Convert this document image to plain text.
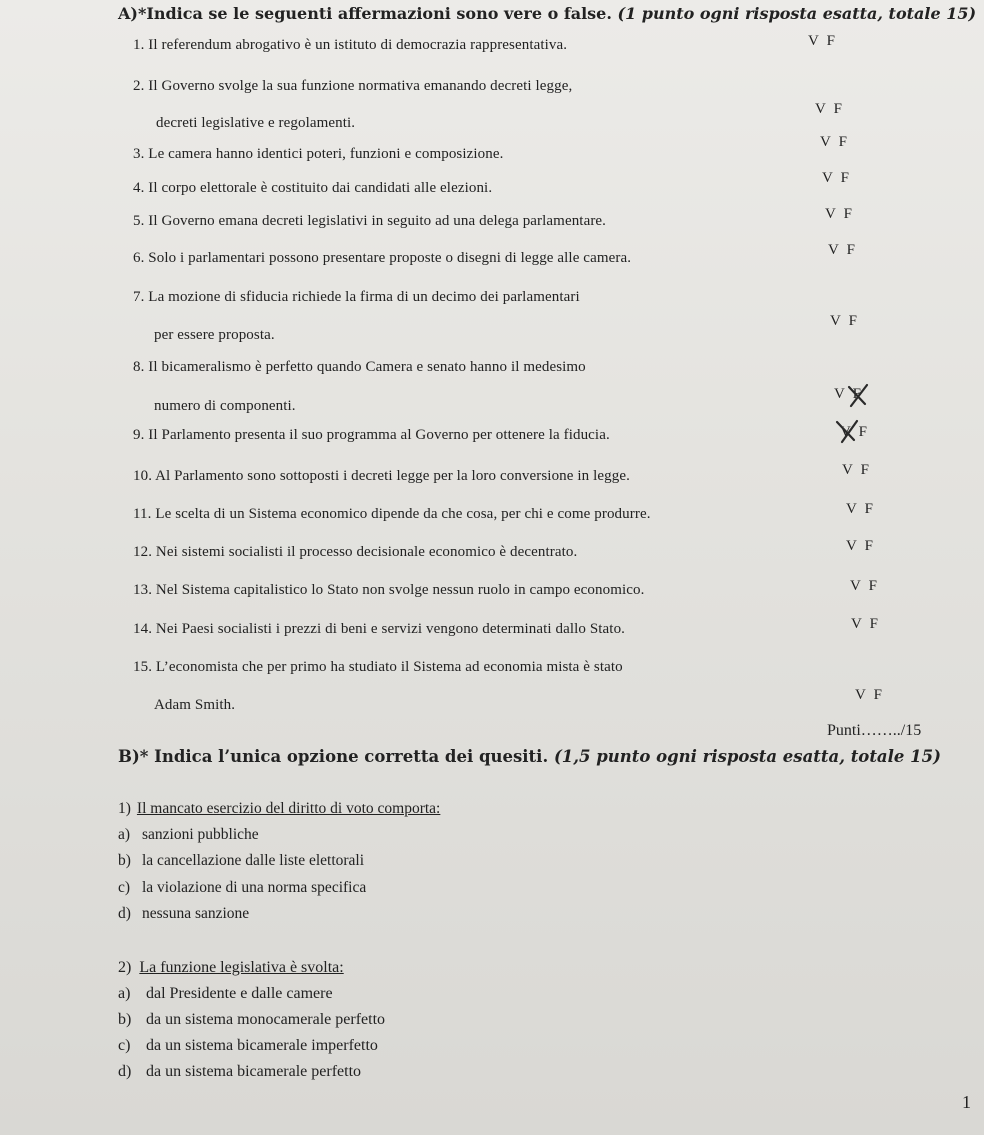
A)*Indica se le seguenti affermazioni sono vere o false. (1 punto ogni risposta esatta, totale 15)
1. Il referendum abrogativo è un istituto di democrazia rappresentativa.	V F
2. Il Governo svolge la sua funzione normativa emanando decreti legge,
decreti legislative e regolamenti.
V F
3. Le camera hanno identici poteri, funzioni e composizione.
V F
4. Il corpo elettorale è costituito dai candidati alle elezioni.
V F
5. Il Governo emana decreti legislativi in seguito ad una delega parlamentare.	V F
6. Solo i parlamentari possono presentare proposte o disegni di legge alle camera.	V F
7. La mozione di sfiducia richiede la firma di un decimo dei parlamentari
per essere proposta.
V F
8. Il bicameralismo è perfetto quando Camera e senato hanno il medesimo
numero di componenti.
V F
9. Il Parlamento presenta il suo programma al Governo per ottenere la fiducia.	V F
10. Al Parlamento sono sottoposti i decreti legge per la loro conversione in legge.	V F
11. Le scelta di un Sistema economico dipende da che cosa, per chi e come produrre.	V F
12. Nei sistemi socialisti il processo decisionale economico è decentrato.	V F
13. Nel Sistema capitalistico lo Stato non svolge nessun ruolo in campo economico.	V F
14. Nei Paesi socialisti i prezzi di beni e servizi vengono determinati dallo Stato.	V F
15. L’economista che per primo ha studiato il Sistema ad economia mista è stato
Adam Smith.
V F
Punti……../15
B)* Indica l’unica opzione corretta dei quesiti. (1,5 punto ogni risposta esatta, totale 15)
1) Il mancato esercizio del diritto di voto comporta:
a) sanzioni pubbliche
b) la cancellazione dalle liste elettorali
c) la violazione di una norma specifica
d) nessuna sanzione
2) La funzione legislativa è svolta:
a) dal Presidente e dalle camere
b) da un sistema monocamerale perfetto
c) da un sistema bicamerale imperfetto
d) da un sistema bicamerale perfetto
1
